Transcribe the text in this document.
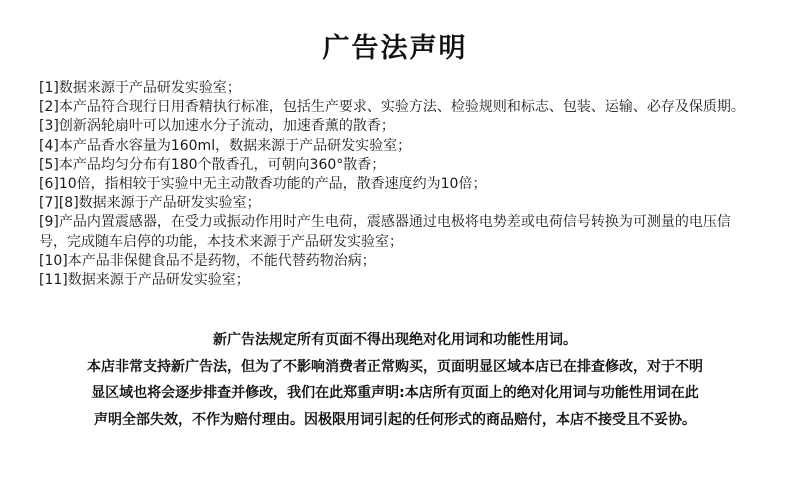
广告法声明

[1]数据来源于产品研发实验室；

[2]本产品符合现行日用香精执行标准，包括生产要求、实验方法、检验规则和标志、包装、运输、必存及保质期。

[3]创新涡轮扇叶可以加速水分子流动，加速香薰的散香；

[4]本产品香水容量为160ml，数据来源于产品研发实验室；

[5]本产品均匀分布有180个散香孔，可朝向360°散香；

[6]10倍，指相较于实验中无主动散香功能的产品，散香速度约为10倍；

[7][8]数据来源于产品研发实验室；

[9]产品内置震感器，在受力或振动作用时产生电荷，震感器通过电极将电势差或电荷信号转换为可测量的电压信号，完成随车启停的功能，本技术来源于产品研发实验室；

[10]本产品非保健食品不是药物，不能代替药物治病；

[11]数据来源于产品研发实验室；

新广告法规定所有页面不得出现绝对化用词和功能性用词。

本店非常支持新广告法，但为了不影响消费者正常购买，页面明显区域本店已在排查修改，对于不明

显区域也将会逐步排查并修改，我们在此郑重声明:本店所有页面上的绝对化用词与功能性用词在此

声明全部失效，不作为赔付理由。因极限用词引起的任何形式的商品赔付，本店不接受且不妥协。
